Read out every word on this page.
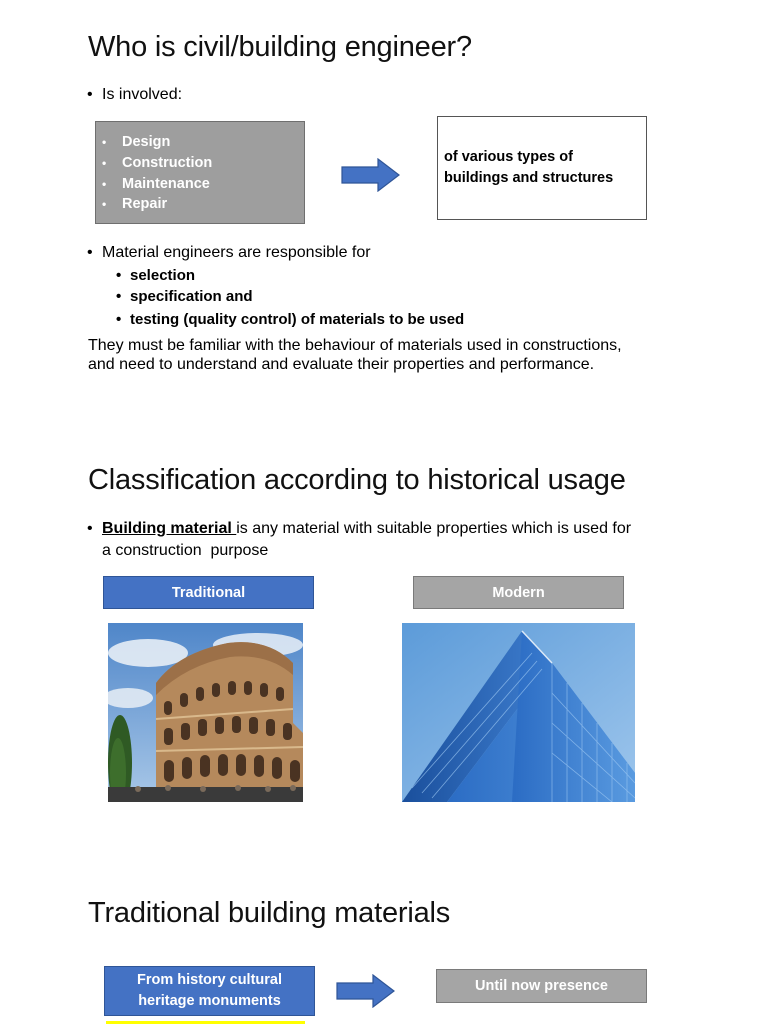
Who is civil/building engineer?
• Is involved:
• Design
• Construction
• Maintenance
• Repair
of various types of buildings and structures
• Material engineers are responsible for
• selection
• specification and
• testing (quality control) of materials to be used
They must be familiar with the behaviour of materials used in constructions,
and need to understand and evaluate their properties and performance.
Classification according to historical usage
• Building material is any material with suitable properties which is used for
a construction  purpose
Traditional	Modern
Traditional building materials
From history cultural heritage monuments
Until now presence
